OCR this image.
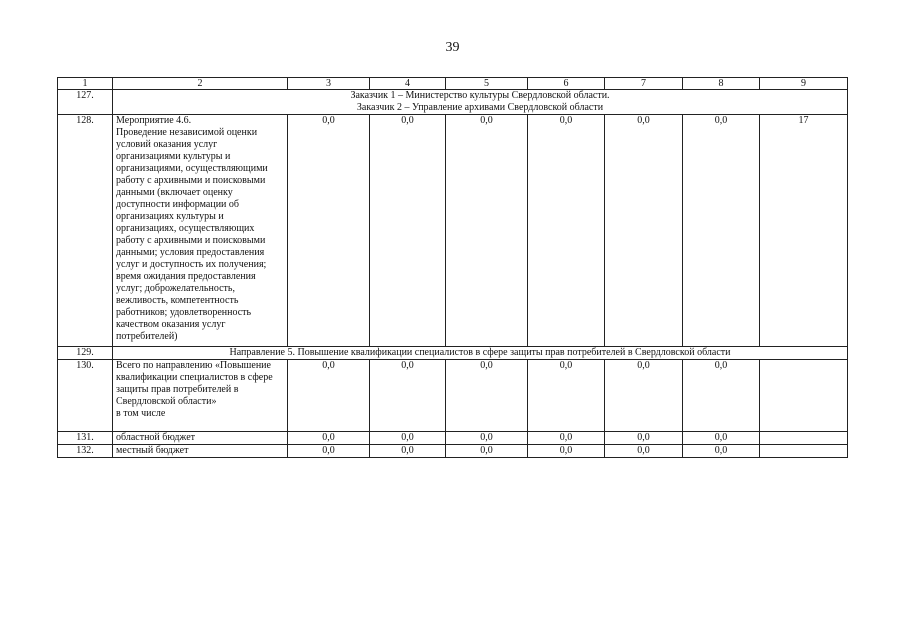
39
1	2	3	4	5	6	7	8	9
127.	Заказчик 1 – Министерство культуры Свердловской области.
Заказчик 2 – Управление архивами Свердловской области							

128.	Мероприятие 4.6.
Проведение независимой оценки условий оказания услуг организациями культуры и организациями, осуществляющими работу с архивными и поисковыми данными (включает оценку доступности информации об организациях культуры и организациях, осуществляющих работу с архивными и поисковыми данными; условия предоставления услуг и доступность их получения; время ожидания предоставления услуг; доброжелательность, вежливость, компетентность работников; удовлетворенность качеством оказания услуг потребителей)	0,0	0,0	0,0	0,0	0,0	0,0	17
129.	Направление 5. Повышение квалификации специалистов в сфере защиты прав потребителей в Свердловской области							
130.	Всего по направлению «Повышение квалификации специалистов в сфере защиты прав потребителей в Свердловской области»
в том числе	0,0	0,0	0,0	0,0	0,0	0,0	
131.	областной бюджет	0,0	0,0	0,0	0,0	0,0	0,0	
132.	местный бюджет	0,0	0,0	0,0	0,0	0,0	0,0	
